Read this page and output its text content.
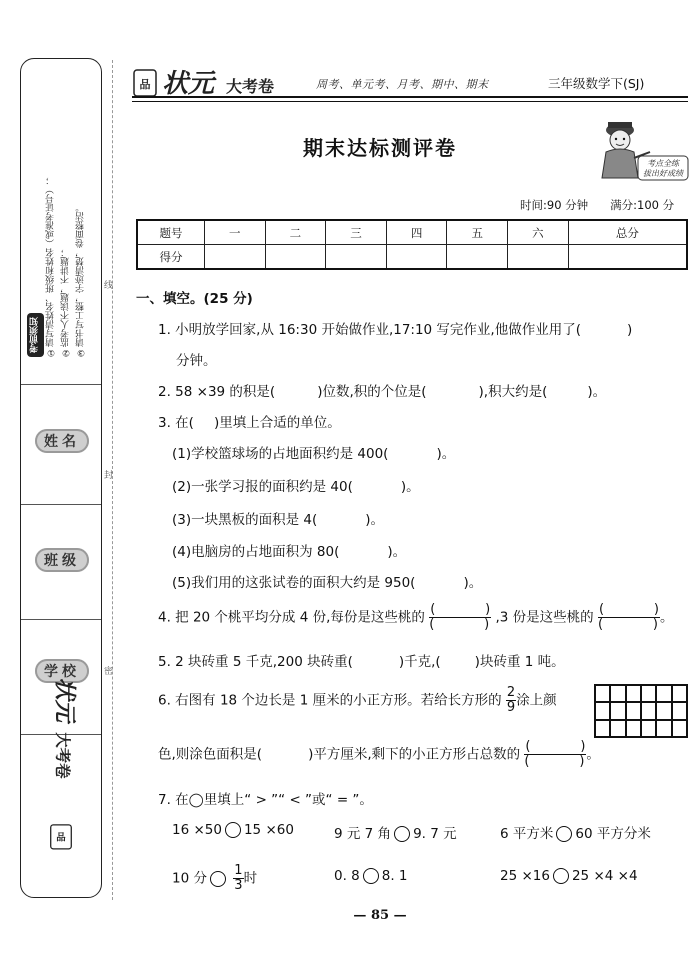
考前须知 ①请写清姓名、班级和姓名（或准考证号）； ②监考人不读题，不讲题； ③请书写工整，字迹清楚，卷面整洁。
姓名
班级
学校
状元
大考卷
品
线
封
密
品 状元 大考卷	周考、单元考、月考、期中、期末	三年级数学下(SJ)
期末达标测评卷
考点全练
拔出好成绩
时间:90 分钟 满分:100 分
题号	一	二	三	四	五	六	总分
得分							
一、填空。(25 分)
1. 小明放学回家,从 16:30 开始做作业,17:10 写完作业,他做作业用了(	)
分钟。
2. 58 ×39 的积是(	)位数,积的个位是(	),积大约是(	)。
3. 在( )里填上合适的单位。
(1)学校篮球场的占地面积约是 400(	)。
(2)一张学习报的面积约是 40(	)。
(3)一块黑板的面积是 4(	)。
(4)电脑房的占地面积为 80(	)。
(5)我们用的这张试卷的面积大约是 950(	)。
4. 把 20 个桃平均分成 4 份,每份是这些桃的 (	)
(	) ,3 份是这些桃的 (	)
(	) 。
5. 2 块砖重 5 千克,200 块砖重(	)千克,(	)块砖重 1 吨。
6. 右图有 18 个边长是 1 厘米的小正方形。若给长方形的 $\frac{2}{9}$ 涂上颜
色,则涂色面积是(	)平方厘米,剩下的小正方形占总数的 (	)
(	) 。
7. 在◯里填上“ > ”“ < ”或“ = ”。
16 ×50 15 ×60	9 元 7 角 9. 7 元	6 平方米 60 平方分米
10 分 $\frac{1}{3}$ 时	0. 8 8. 1	25 ×16 25 ×4 ×4
— 85 —
